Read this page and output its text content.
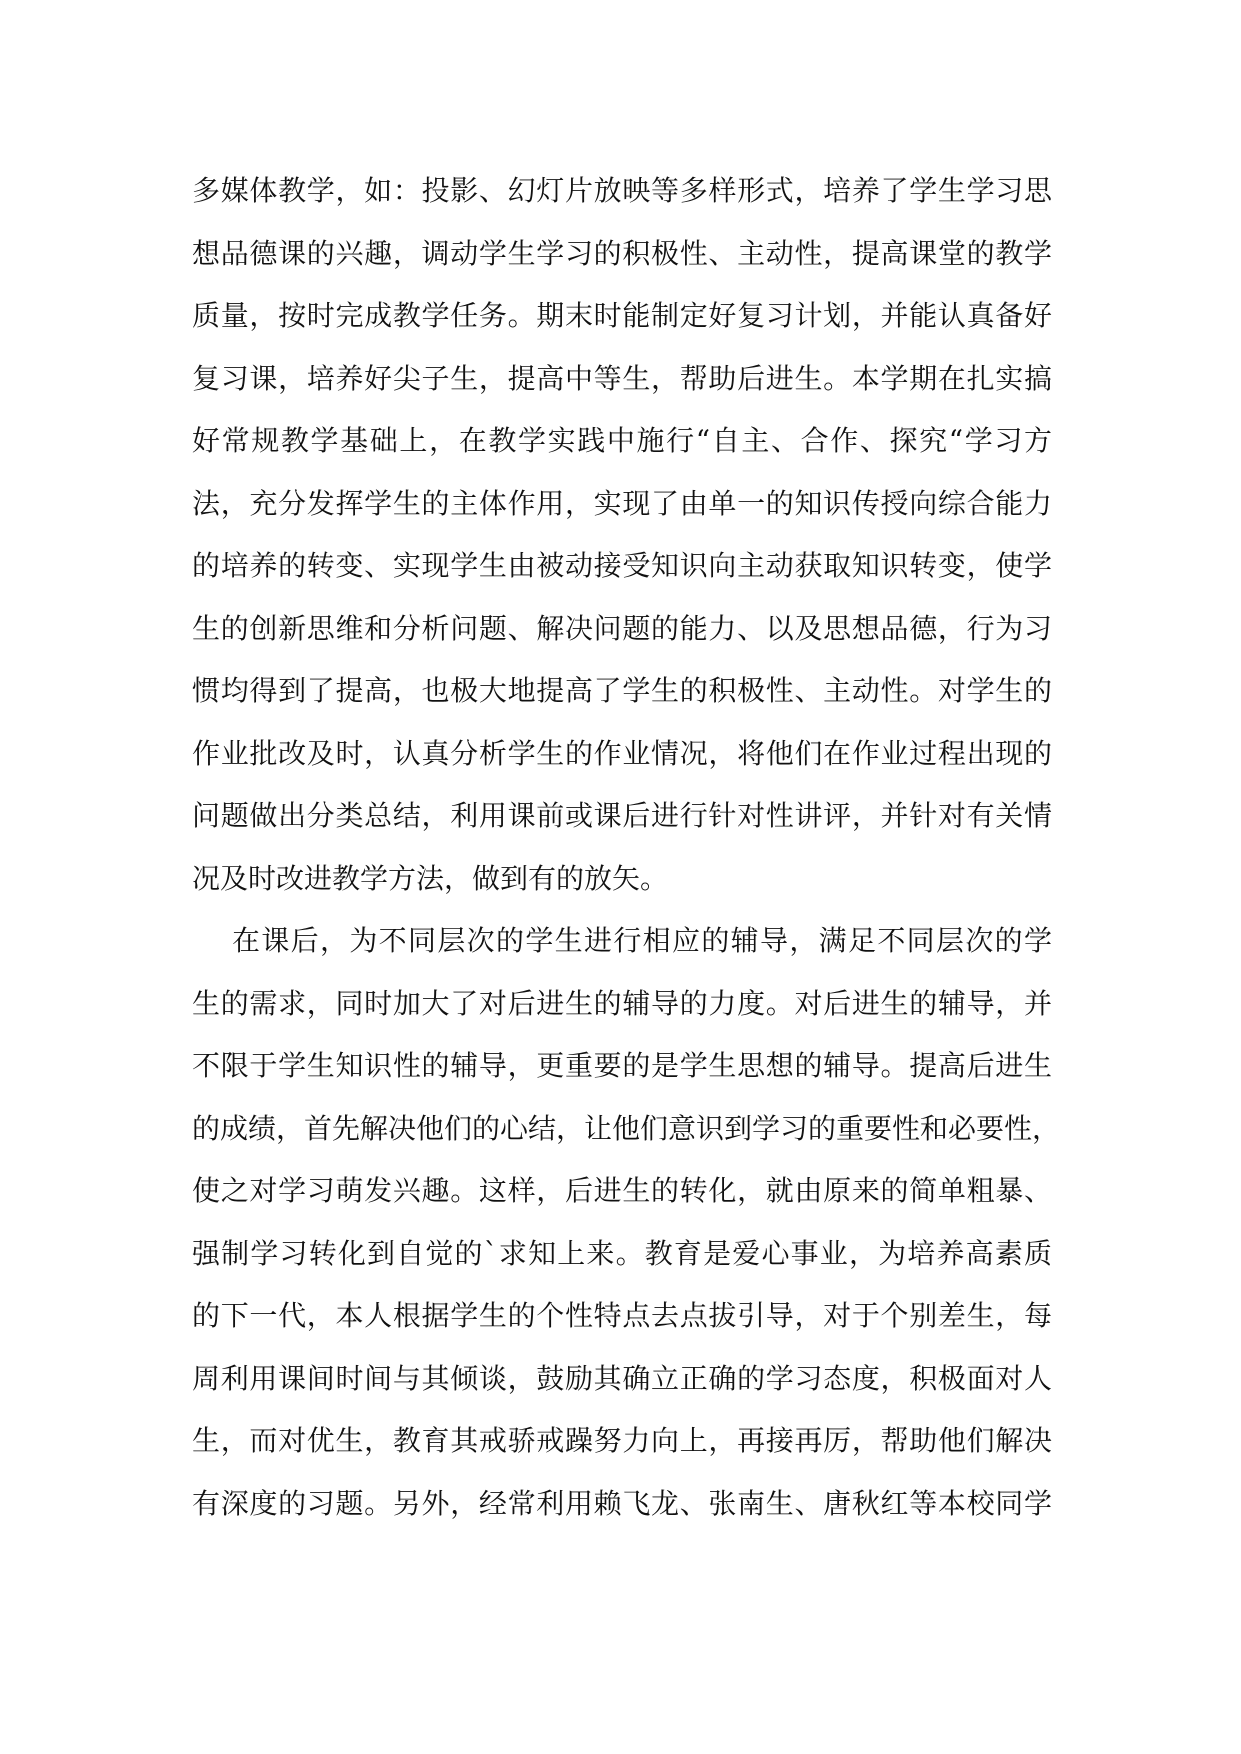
多媒体教学，如：投影、幻灯片放映等多样形式，培养了学生学习思
想品德课的兴趣，调动学生学习的积极性、主动性，提高课堂的教学
质量，按时完成教学任务。期末时能制定好复习计划，并能认真备好
复习课，培养好尖子生，提高中等生，帮助后进生。本学期在扎实搞
好常规教学基础上，在教学实践中施行“自主、合作、探究“学习方
法，充分发挥学生的主体作用，实现了由单一的知识传授向综合能力
的培养的转变、实现学生由被动接受知识向主动获取知识转变，使学
生的创新思维和分析问题、解决问题的能力、以及思想品德，行为习
惯均得到了提高，也极大地提高了学生的积极性、主动性。对学生的
作业批改及时，认真分析学生的作业情况，将他们在作业过程出现的
问题做出分类总结，利用课前或课后进行针对性讲评，并针对有关情
况及时改进教学方法，做到有的放矢。
在课后，为不同层次的学生进行相应的辅导，满足不同层次的学
生的需求，同时加大了对后进生的辅导的力度。对后进生的辅导，并
不限于学生知识性的辅导，更重要的是学生思想的辅导。提高后进生
的成绩，首先解决他们的心结，让他们意识到学习的重要性和必要性，
使之对学习萌发兴趣。这样，后进生的转化，就由原来的简单粗暴、
强制学习转化到自觉的`求知上来。教育是爱心事业，为培养高素质
的下一代，本人根据学生的个性特点去点拔引导，对于个别差生，每
周利用课间时间与其倾谈，鼓励其确立正确的学习态度，积极面对人
生，而对优生，教育其戒骄戒躁努力向上，再接再厉，帮助他们解决
有深度的习题。另外，经常利用赖飞龙、张南生、唐秋红等本校同学
